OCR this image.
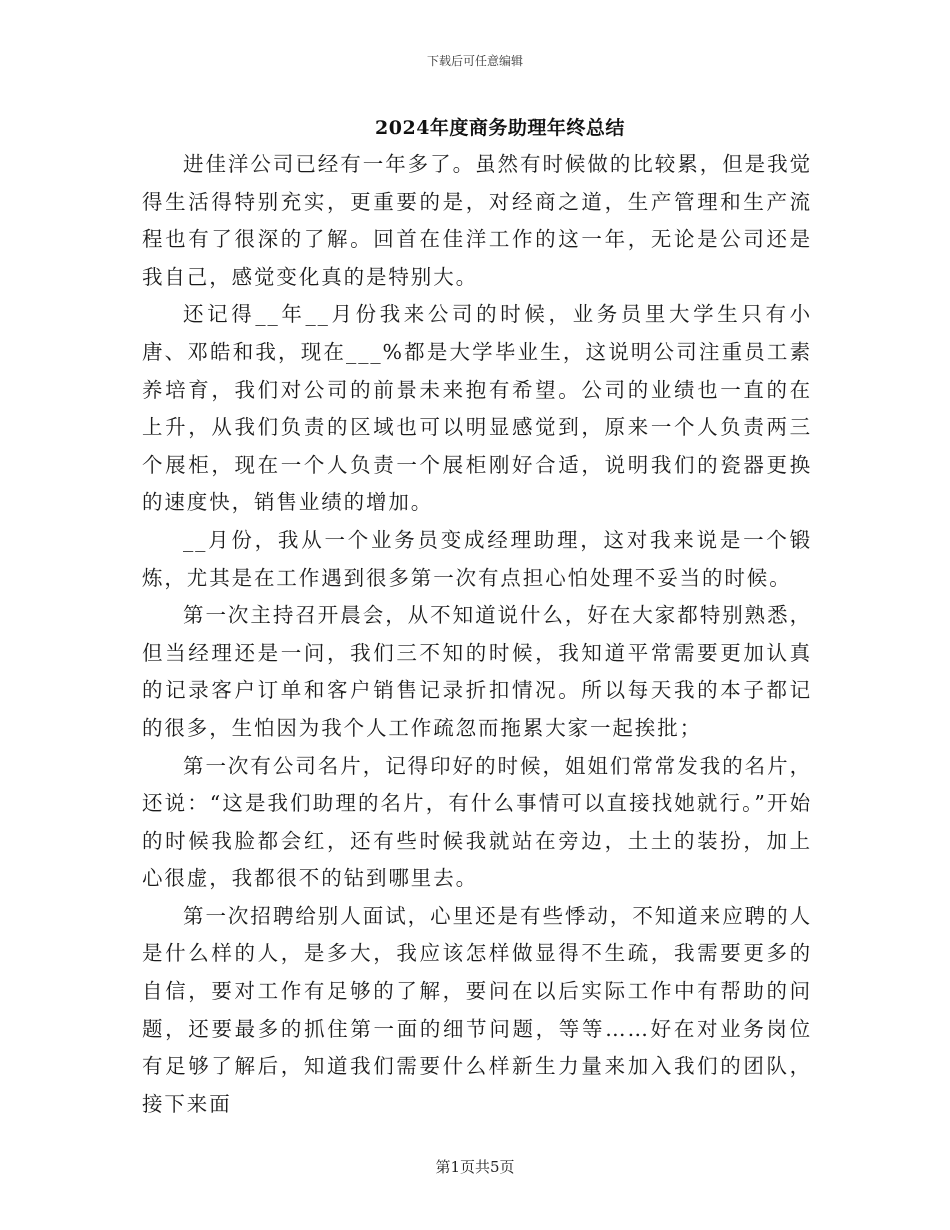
下载后可任意编辑
2024年度商务助理年终总结

进佳洋公司已经有一年多了。虽然有时候做的比较累，但是我觉得生活得特别充实，更重要的是，对经商之道，生产管理和生产流程也有了很深的了解。回首在佳洋工作的这一年，无论是公司还是我自己，感觉变化真的是特别大。

还记得__年__月份我来公司的时候，业务员里大学生只有小唐、邓皓和我，现在___%都是大学毕业生，这说明公司注重员工素养培育，我们对公司的前景未来抱有希望。公司的业绩也一直的在上升，从我们负责的区域也可以明显感觉到，原来一个人负责两三个展柜，现在一个人负责一个展柜刚好合适，说明我们的瓷器更换的速度快，销售业绩的增加。

__月份，我从一个业务员变成经理助理，这对我来说是一个锻炼，尤其是在工作遇到很多第一次有点担心怕处理不妥当的时候。

第一次主持召开晨会，从不知道说什么，好在大家都特别熟悉，但当经理还是一问，我们三不知的时候，我知道平常需要更加认真的记录客户订单和客户销售记录折扣情况。所以每天我的本子都记的很多，生怕因为我个人工作疏忽而拖累大家一起挨批；

第一次有公司名片，记得印好的时候，姐姐们常常发我的名片，还说：“这是我们助理的名片，有什么事情可以直接找她就行。”开始的时候我脸都会红，还有些时候我就站在旁边，土土的装扮，加上心很虚，我都很不的钻到哪里去。

第一次招聘给别人面试，心里还是有些悸动，不知道来应聘的人是什么样的人，是多大，我应该怎样做显得不生疏，我需要更多的自信，要对工作有足够的了解，要问在以后实际工作中有帮助的问题，还要最多的抓住第一面的细节问题，等等……好在对业务岗位有足够了解后，知道我们需要什么样新生力量来加入我们的团队，接下来面

第1页共5页
